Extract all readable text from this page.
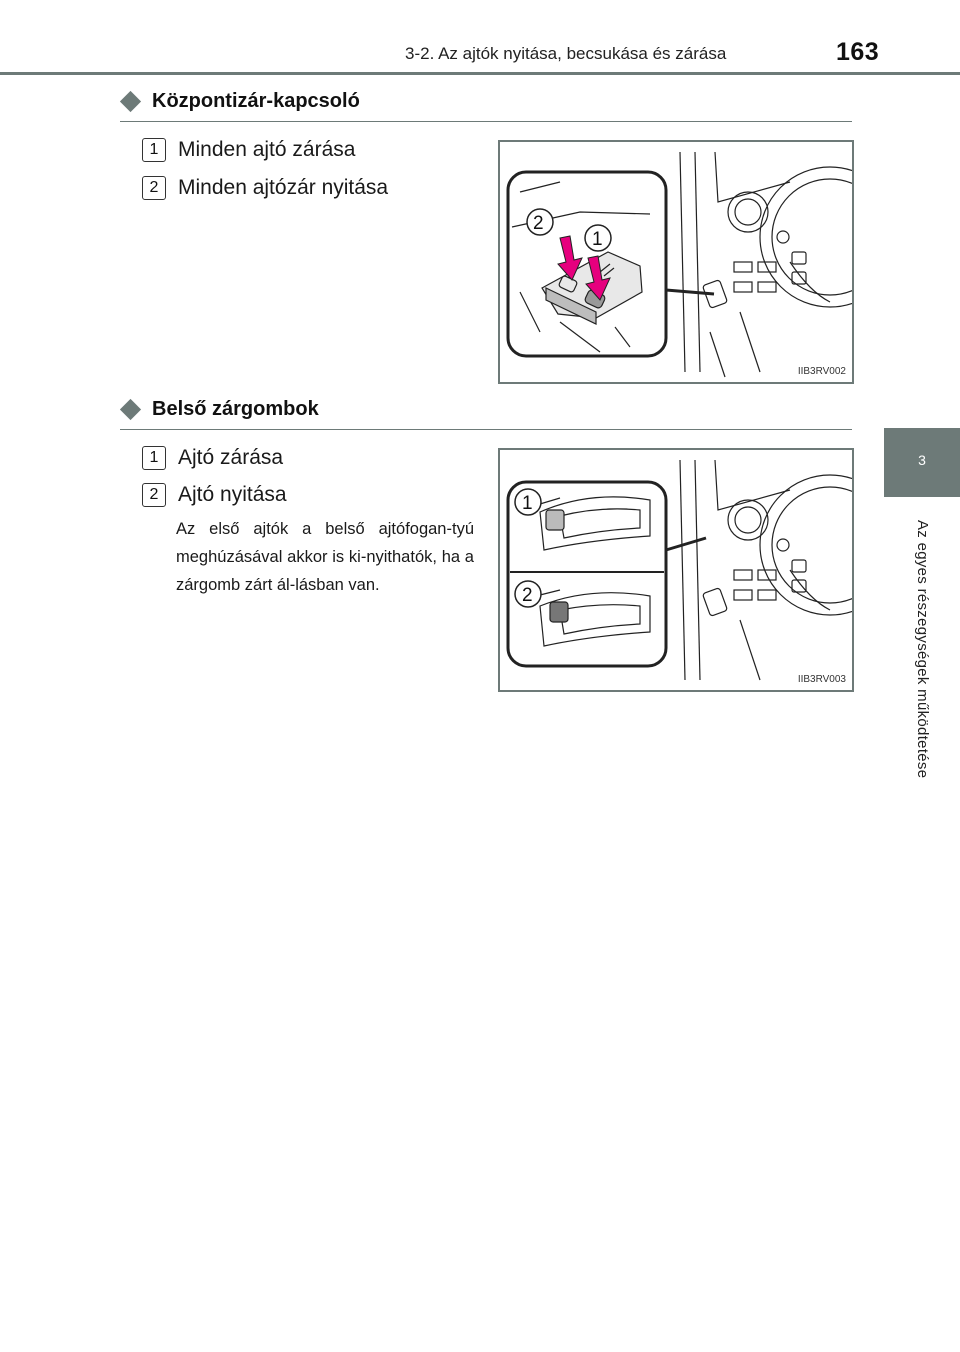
3-2. Az ajtók nyitása, becsukása és zárása	163
3
Az egyes részegységek működtetése
Központizár-kapcsoló
1 Minden ajtó zárása
2 Minden ajtózár nyitása
2
1
IIB3RV002
Belső zárgombok
1 Ajtó zárása
2 Ajtó nyitása
Az első ajtók a belső ajtófogan-tyú meghúzásával akkor is ki-nyithatók, ha a zárgomb zárt ál-lásban van.
1
2
IIB3RV003
